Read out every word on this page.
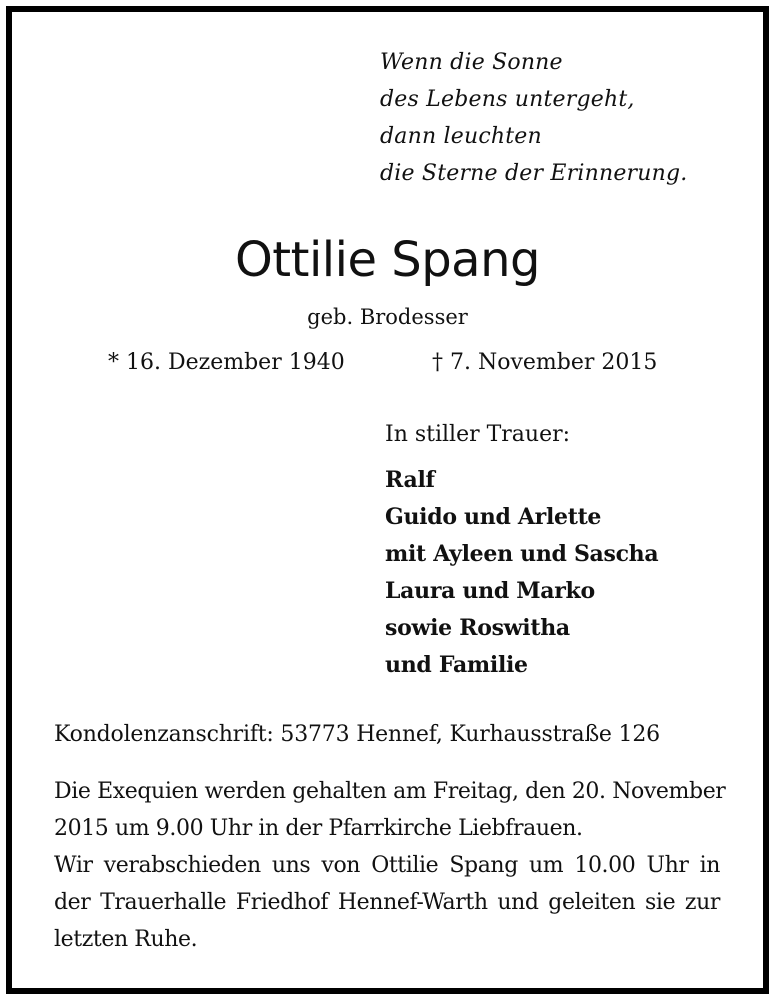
Wenn die Sonne
des Lebens untergeht,
dann leuchten
die Sterne der Erinnerung.
Ottilie Spang
geb. Brodesser
* 16. Dezember 1940	† 7. November 2015
In stiller Trauer:
Ralf
Guido und Arlette
mit Ayleen und Sascha
Laura und Marko
sowie Roswitha
und Familie
Kondolenzanschrift: 53773 Hennef, Kurhausstraße 126
Die Exequien werden gehalten am Freitag, den 20. November
2015 um 9.00 Uhr in der Pfarrkirche Liebfrauen.
Wir verabschieden uns von Ottilie Spang um 10.00 Uhr in
der Trauerhalle Friedhof Hennef-Warth und geleiten sie zur
letzten Ruhe.
